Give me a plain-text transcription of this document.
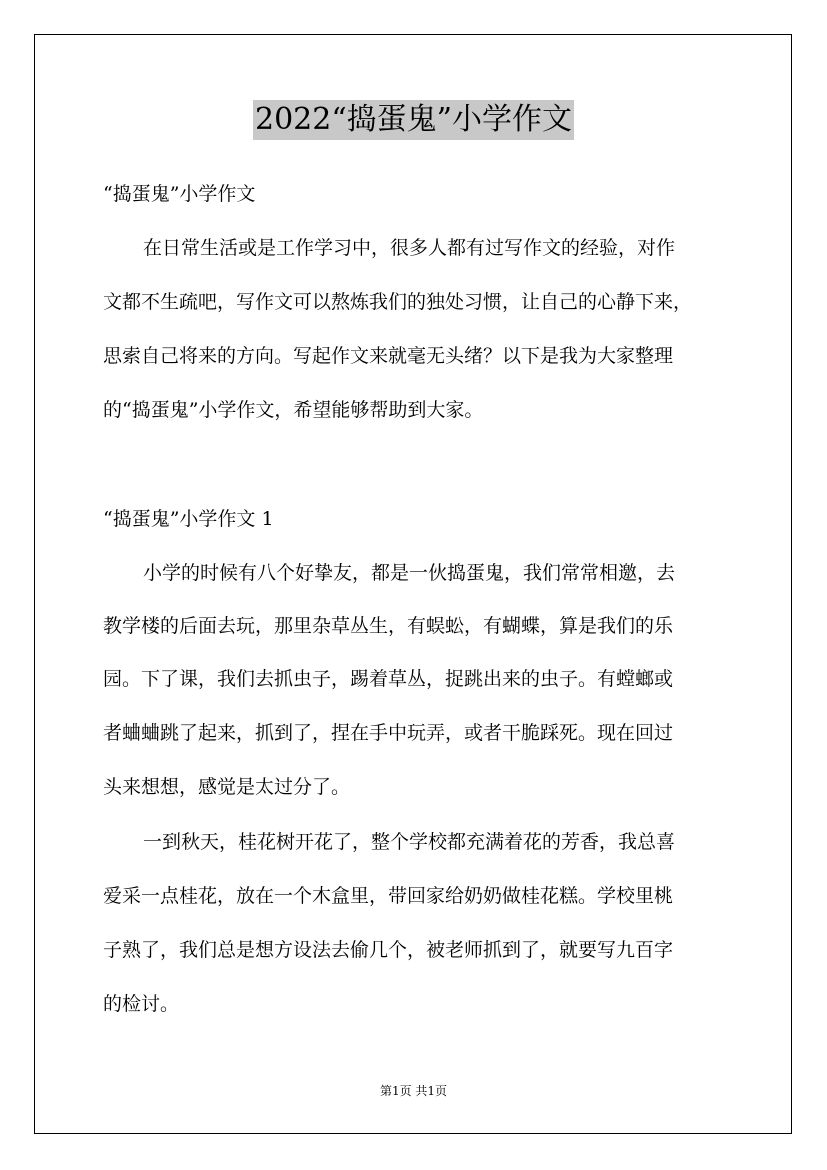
2022“捣蛋鬼”小学作文
“捣蛋鬼”小学作文
在日常生活或是工作学习中，很多人都有过写作文的经验，对作
文都不生疏吧，写作文可以熬炼我们的独处习惯，让自己的心静下来，
思索自己将来的方向。写起作文来就毫无头绪？以下是我为大家整理
的“捣蛋鬼”小学作文，希望能够帮助到大家。
“捣蛋鬼”小学作文 1
小学的时候有八个好挚友，都是一伙捣蛋鬼，我们常常相邀，去
教学楼的后面去玩，那里杂草丛生，有蜈蚣，有蝴蝶，算是我们的乐
园。下了课，我们去抓虫子，踢着草丛，捉跳出来的虫子。有螳螂或
者蛐蛐跳了起来，抓到了，捏在手中玩弄，或者干脆踩死。现在回过
头来想想，感觉是太过分了。
一到秋天，桂花树开花了，整个学校都充满着花的芳香，我总喜
爱采一点桂花，放在一个木盒里，带回家给奶奶做桂花糕。学校里桃
子熟了，我们总是想方设法去偷几个，被老师抓到了，就要写九百字
的检讨。
第1页 共1页
